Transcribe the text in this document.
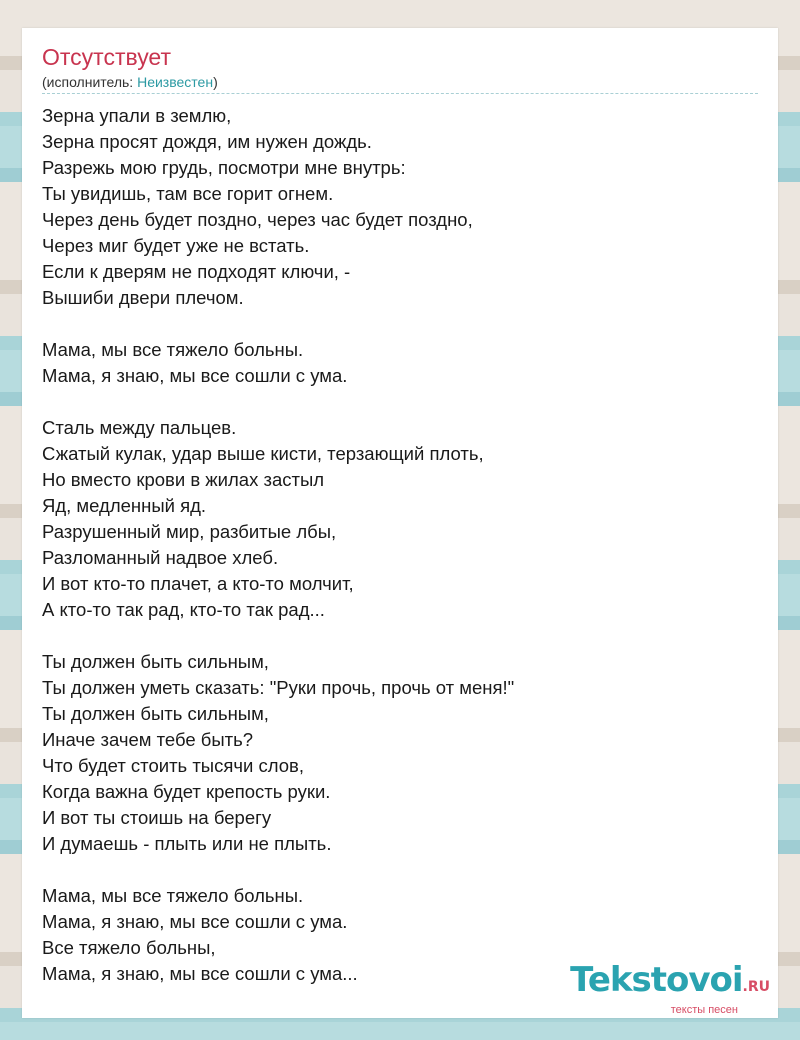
Отсутствует
(исполнитель: Неизвестен)
Зерна упали в землю,
Зерна просят дождя, им нужен дождь.
Разрежь мою грудь, посмотри мне внутрь:
Ты увидишь, там все горит огнем.
Через день будет поздно, через час будет поздно,
Через миг будет уже не встать.
Если к дверям не подходят ключи, -
Вышиби двери плечом.
Мама, мы все тяжело больны.
Мама, я знаю, мы все сошли с ума.
Сталь между пальцев.
Сжатый кулак, удар выше кисти, терзающий плоть,
Но вместо крови в жилах застыл
Яд, медленный яд.
Разрушенный мир, разбитые лбы,
Разломанный надвое хлеб.
И вот кто-то плачет, а кто-то молчит,
А кто-то так рад, кто-то так рад...
Ты должен быть сильным,
Ты должен уметь сказать: "Руки прочь, прочь от меня!"
Ты должен быть сильным,
Иначе зачем тебе быть?
Что будет стоить тысячи слов,
Когда важна будет крепость руки.
И вот ты стоишь на берегу
И думаешь - плыть или не плыть.
Мама, мы все тяжело больны.
Мама, я знаю, мы все сошли с ума.
Все тяжело больны,
Мама, я знаю, мы все сошли с ума...	Tekstovoi.RU
тексты песен
